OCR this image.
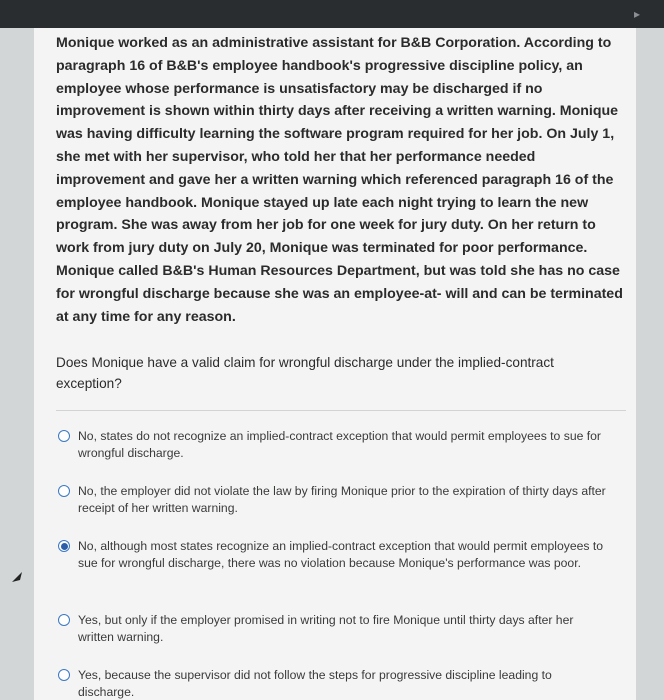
▸
Monique worked as an administrative assistant for B&B Corporation. According to paragraph 16 of B&B's employee handbook's progressive discipline policy, an employee whose performance is unsatisfactory may be discharged if no improvement is shown within thirty days after receiving a written warning. Monique was having difficulty learning the software program required for her job. On July 1, she met with her supervisor, who told her that her performance needed improvement and gave her a written warning which referenced paragraph 16 of the employee handbook. Monique stayed up late each night trying to learn the new program. She was away from her job for one week for jury duty. On her return to work from jury duty on July 20, Monique was terminated for poor performance. Monique called B&B's Human Resources Department, but was told she has no case for wrongful discharge because she was an employee-at- will and can be terminated at any time for any reason.
Does Monique have a valid claim for wrongful discharge under the implied-contract exception?
No, states do not recognize an implied-contract exception that would permit employees to sue for wrongful discharge.
No, the employer did not violate the law by firing Monique prior to the expiration of thirty days after receipt of her written warning.
No, although most states recognize an implied-contract exception that would permit employees to sue for wrongful discharge, there was no violation because Monique's performance was poor.
Yes, but only if the employer promised in writing not to fire Monique until thirty days after her written warning.
Yes, because the supervisor did not follow the steps for progressive discipline leading to discharge.
